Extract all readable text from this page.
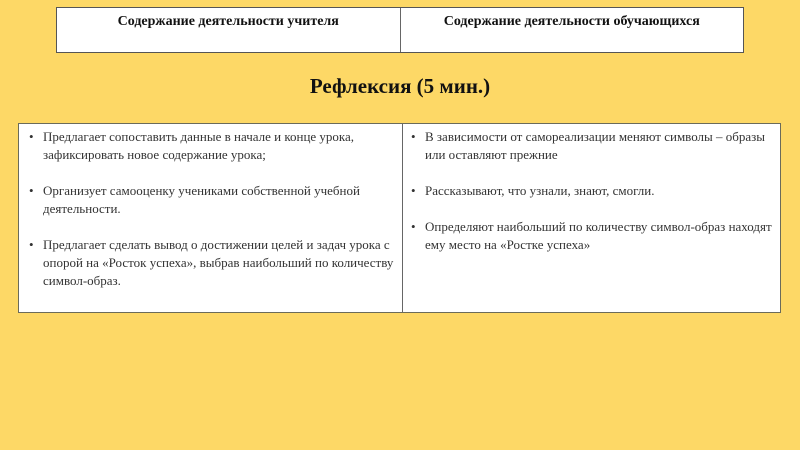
Содержание деятельности учителя	Содержание деятельности обучающихся
Рефлексия (5 мин.)
• Предлагает сопоставить данные в начале и конце урока, зафиксировать новое содержание урока;
• Организует самооценку учениками собственной учебной деятельности.
• Предлагает сделать вывод о достижении целей и задач урока с опорой на «Росток успеха», выбрав наибольший по количеству символ-образ.
• В зависимости от самореализации меняют символы – образы или оставляют прежние
• Рассказывают, что узнали, знают, смогли.
• Определяют наибольший по количеству символ-образ находят ему место на «Ростке успеха»
